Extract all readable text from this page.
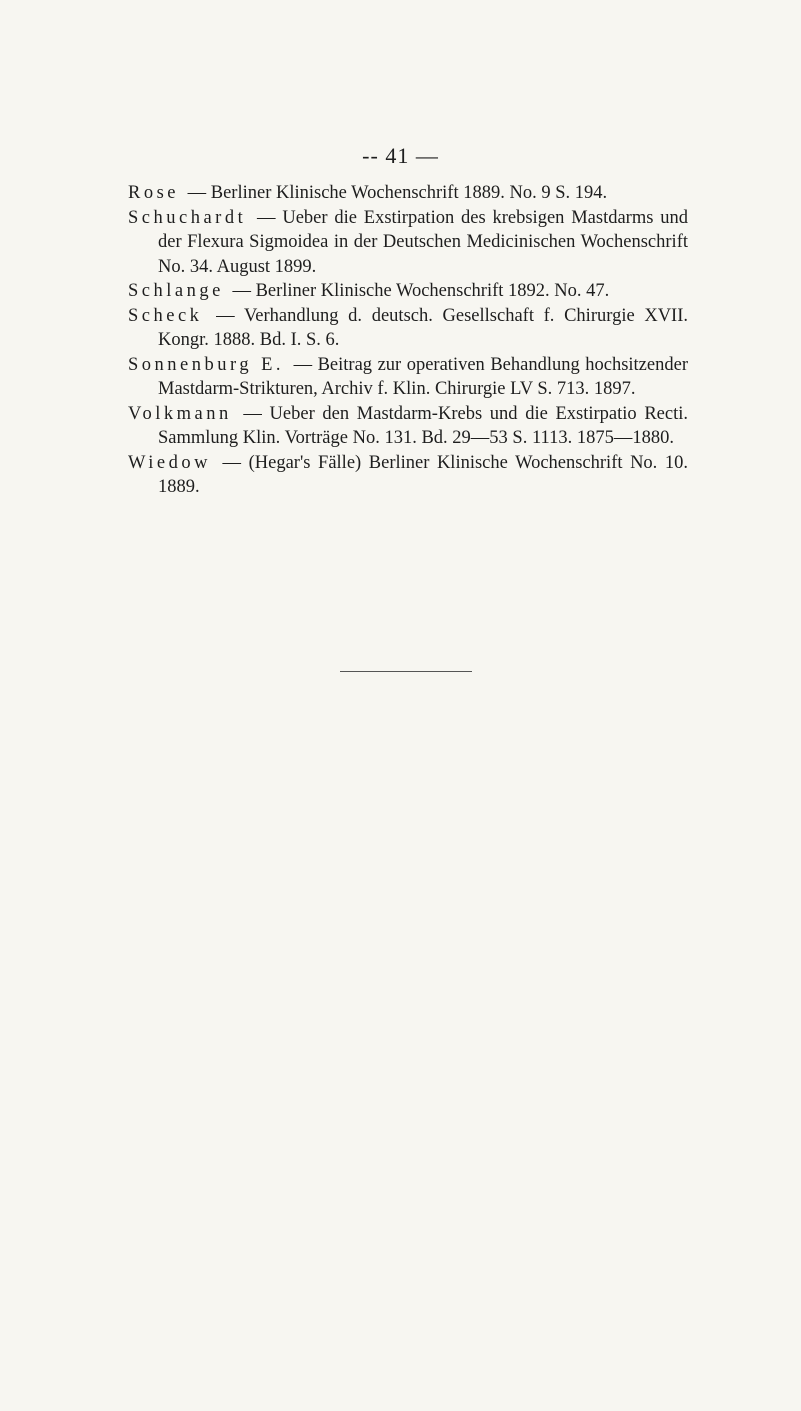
-- 41 —

Rose — Berliner Klinische Wochenschrift 1889. No. 9 S. 194.

Schuchardt — Ueber die Exstirpation des krebsigen Mastdarms und der Flexura Sigmoidea in der Deutschen Medicinischen Wochenschrift No. 34. August 1899.

Schlange — Berliner Klinische Wochenschrift 1892. No. 47.

Scheck — Verhandlung d. deutsch. Gesellschaft f. Chirurgie XVII. Kongr. 1888. Bd. I. S. 6.

Sonnenburg E. — Beitrag zur operativen Behandlung hochsitzender Mastdarm-Strikturen, Archiv f. Klin. Chirurgie LV S. 713. 1897.

Volkmann — Ueber den Mastdarm-Krebs und die Exstirpatio Recti. Sammlung Klin. Vorträge No. 131. Bd. 29—53 S. 1113. 1875—1880.

Wiedow — (Hegar's Fälle) Berliner Klinische Wochenschrift No. 10. 1889.
